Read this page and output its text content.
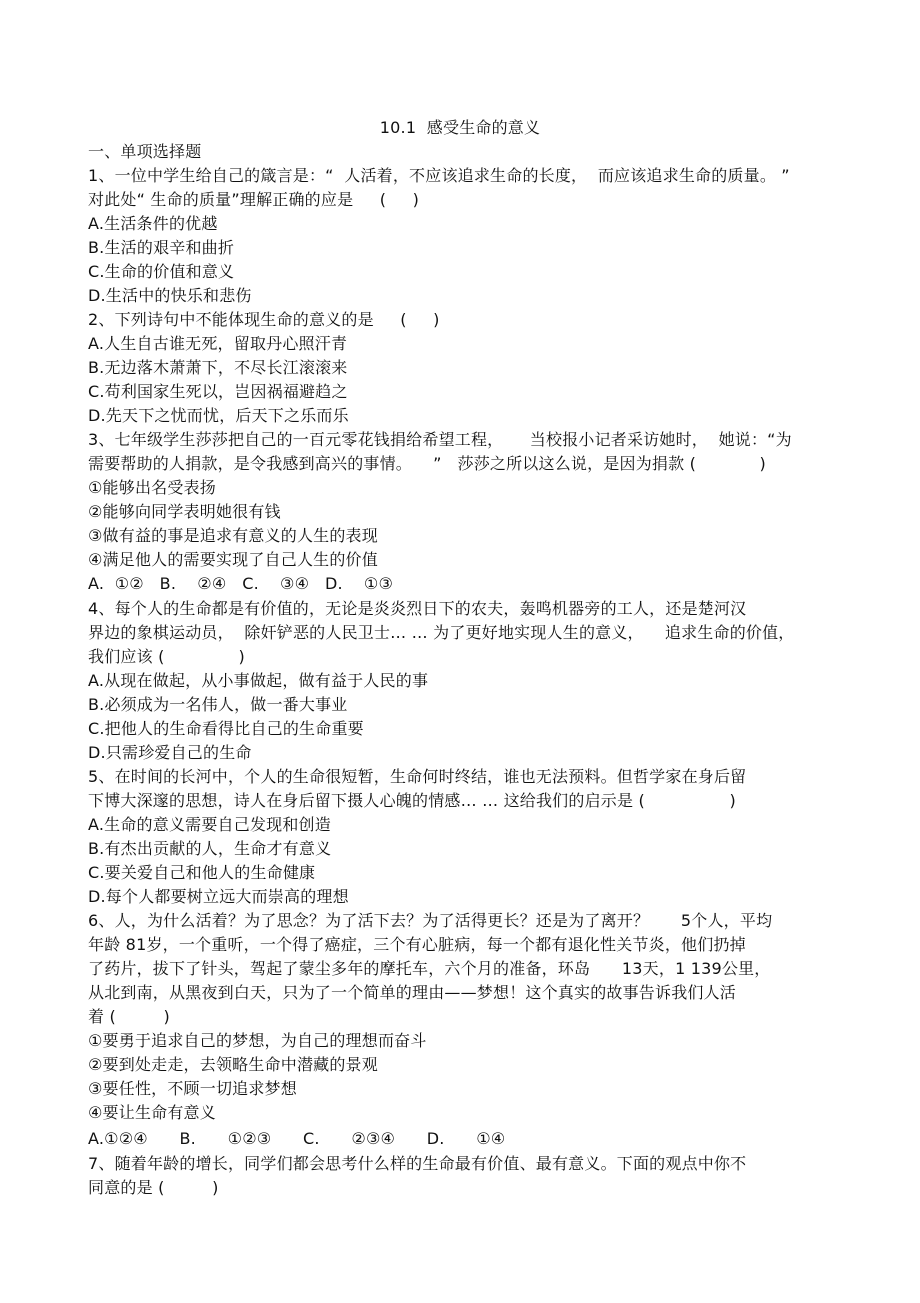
10.1  感受生命的意义
一、单项选择题
1、一位中学生给自己的箴言是：“  人活着，不应该追求生命的长度，  而应该追求生命的质量。 ”
对此处“ 生命的质量”理解正确的应是     (     )
A.生活条件的优越
B.生活的艰辛和曲折
C.生命的价值和意义
D.生活中的快乐和悲伤
2、下列诗句中不能体现生命的意义的是     (     )
A.人生自古谁无死，留取丹心照汗青
B.无边落木萧萧下，不尽长江滚滚来
C.苟利国家生死以，岂因祸福避趋之
D.先天下之忧而忧，后天下之乐而乐
3、七年级学生莎莎把自己的一百元零花钱捐给希望工程，     当校报小记者采访她时，  她说：“为
需要帮助的人捐款，是令我感到高兴的事情。    ”   莎莎之所以这么说，是因为捐款 (            )
①能够出名受表扬
②能够向同学表明她很有钱
③做有益的事是追求有意义的人生的表现
④满足他人的需要实现了自己人生的价值
A.  ①②   B.    ②④   C.    ③④   D.    ①③
4、每个人的生命都是有价值的，无论是炎炎烈日下的农夫，轰鸣机器旁的工人，还是楚河汉
界边的象棋运动员，  除奸铲恶的人民卫士… … 为了更好地实现人生的意义，    追求生命的价值，
我们应该 (              )
A.从现在做起，从小事做起，做有益于人民的事
B.必须成为一名伟人，做一番大事业
C.把他人的生命看得比自己的生命重要
D.只需珍爱自己的生命
5、在时间的长河中，个人的生命很短暂，生命何时终结，谁也无法预料。但哲学家在身后留
下博大深邃的思想，诗人在身后留下摄人心魄的情感… … 这给我们的启示是 (                )
A.生命的意义需要自己发现和创造
B.有杰出贡献的人，生命才有意义
C.要关爱自己和他人的生命健康
D.每个人都要树立远大而崇高的理想
6、人，为什么活着？为了思念？为了活下去？为了活得更长？还是为了离开？      5个人，平均
年龄 81岁，一个重听，一个得了癌症，三个有心脏病，每一个都有退化性关节炎，他们扔掉
了药片，拔下了针头，驾起了蒙尘多年的摩托车，六个月的准备，环岛      13天，1 139公里，
从北到南，从黑夜到白天，只为了一个简单的理由——梦想！这个真实的故事告诉我们人活
着 (         )
①要勇于追求自己的梦想，为自己的理想而奋斗
②要到处走走，去领略生命中潜藏的景观
③要任性，不顾一切追求梦想
④要让生命有意义
A.①②④      B.      ①②③      C.      ②③④      D.      ①④
7、随着年龄的增长，同学们都会思考什么样的生命最有价值、最有意义。下面的观点中你不
同意的是 (         )
